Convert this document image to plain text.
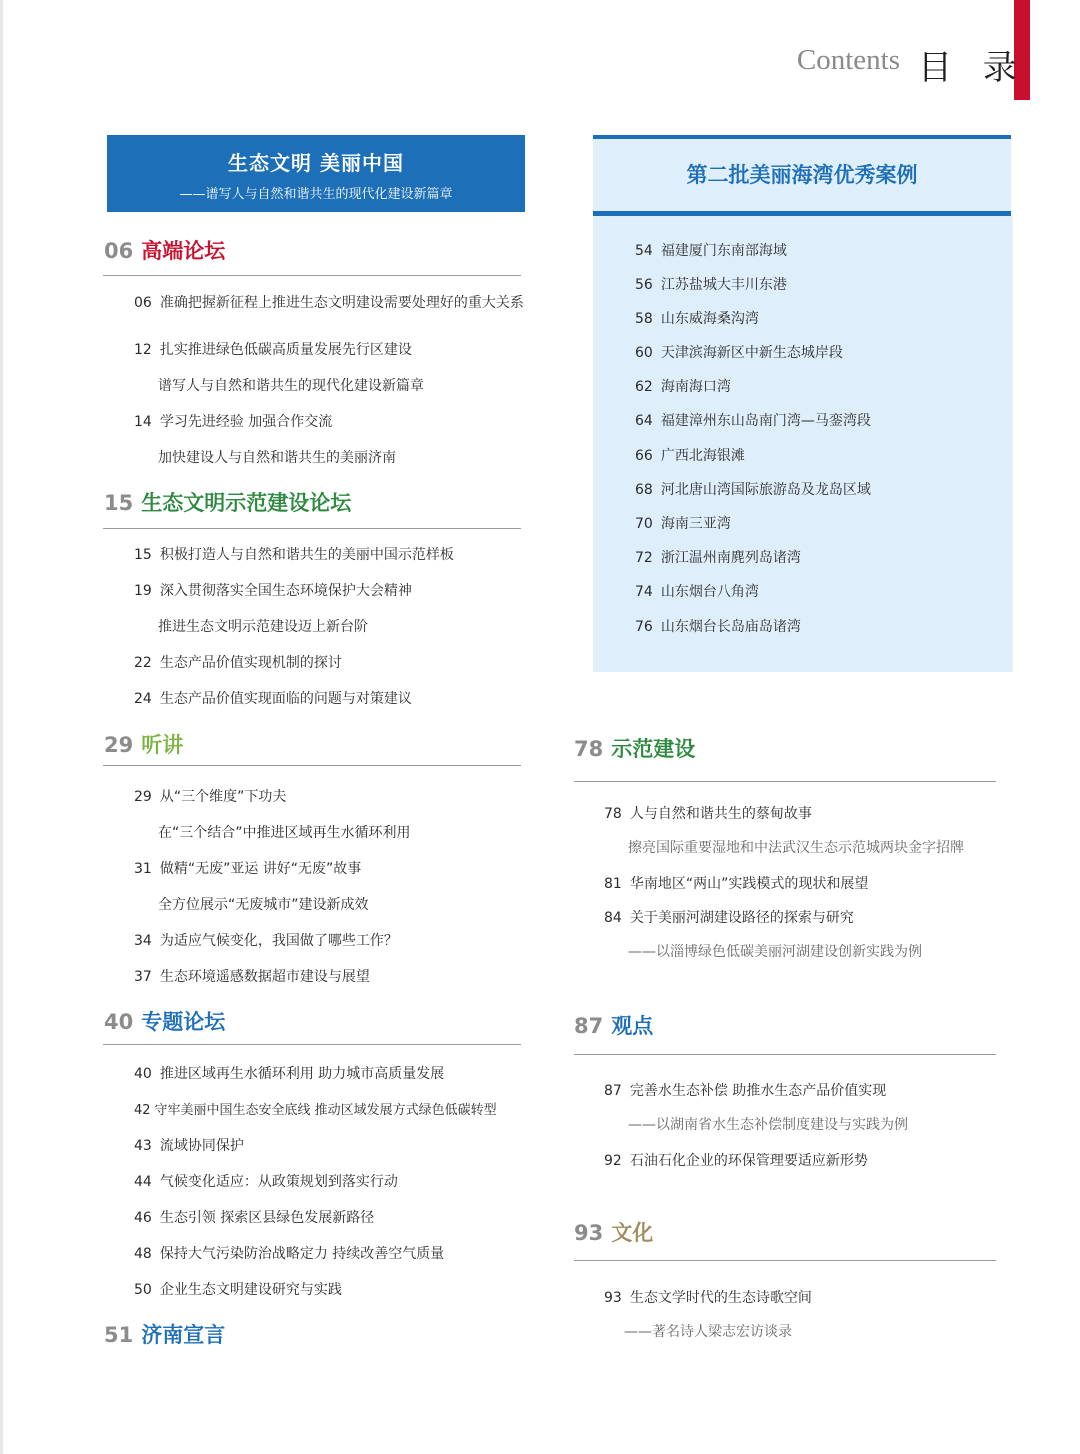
Contents 目 录
生态文明 美丽中国
——谱写人与自然和谐共生的现代化建设新篇章
第二批美丽海湾优秀案例
06 高端论坛
15 生态文明示范建设论坛
29 听讲
40 专题论坛
51 济南宣言
78 示范建设
87 观点
93 文化
06 准确把握新征程上推进生态文明建设需要处理好的重大关系
12 扎实推进绿色低碳高质量发展先行区建设
谱写人与自然和谐共生的现代化建设新篇章
14 学习先进经验 加强合作交流
加快建设人与自然和谐共生的美丽济南
15 积极打造人与自然和谐共生的美丽中国示范样板
19 深入贯彻落实全国生态环境保护大会精神
推进生态文明示范建设迈上新台阶
22 生态产品价值实现机制的探讨
24 生态产品价值实现面临的问题与对策建议
29 从“三个维度”下功夫
在“三个结合”中推进区域再生水循环利用
31 做精“无废”亚运 讲好“无废”故事
全方位展示“无废城市”建设新成效
34 为适应气候变化，我国做了哪些工作？
37 生态环境遥感数据超市建设与展望
40 推进区域再生水循环利用 助力城市高质量发展
42 守牢美丽中国生态安全底线 推动区域发展方式绿色低碳转型
43 流域协同保护
44 气候变化适应：从政策规划到落实行动
46 生态引领 探索区县绿色发展新路径
48 保持大气污染防治战略定力 持续改善空气质量
50 企业生态文明建设研究与实践
54 福建厦门东南部海域
56 江苏盐城大丰川东港
58 山东威海桑沟湾
60 天津滨海新区中新生态城岸段
62 海南海口湾
64 福建漳州东山岛南门湾—马銮湾段
66 广西北海银滩
68 河北唐山湾国际旅游岛及龙岛区域
70 海南三亚湾
72 浙江温州南麂列岛诸湾
74 山东烟台八角湾
76 山东烟台长岛庙岛诸湾
78 人与自然和谐共生的蔡甸故事
擦亮国际重要湿地和中法武汉生态示范城两块金字招牌
81 华南地区“两山”实践模式的现状和展望
84 关于美丽河湖建设路径的探索与研究
——以淄博绿色低碳美丽河湖建设创新实践为例
87 完善水生态补偿 助推水生态产品价值实现
——以湖南省水生态补偿制度建设与实践为例
92 石油石化企业的环保管理要适应新形势
93 生态文学时代的生态诗歌空间
——著名诗人梁志宏访谈录
